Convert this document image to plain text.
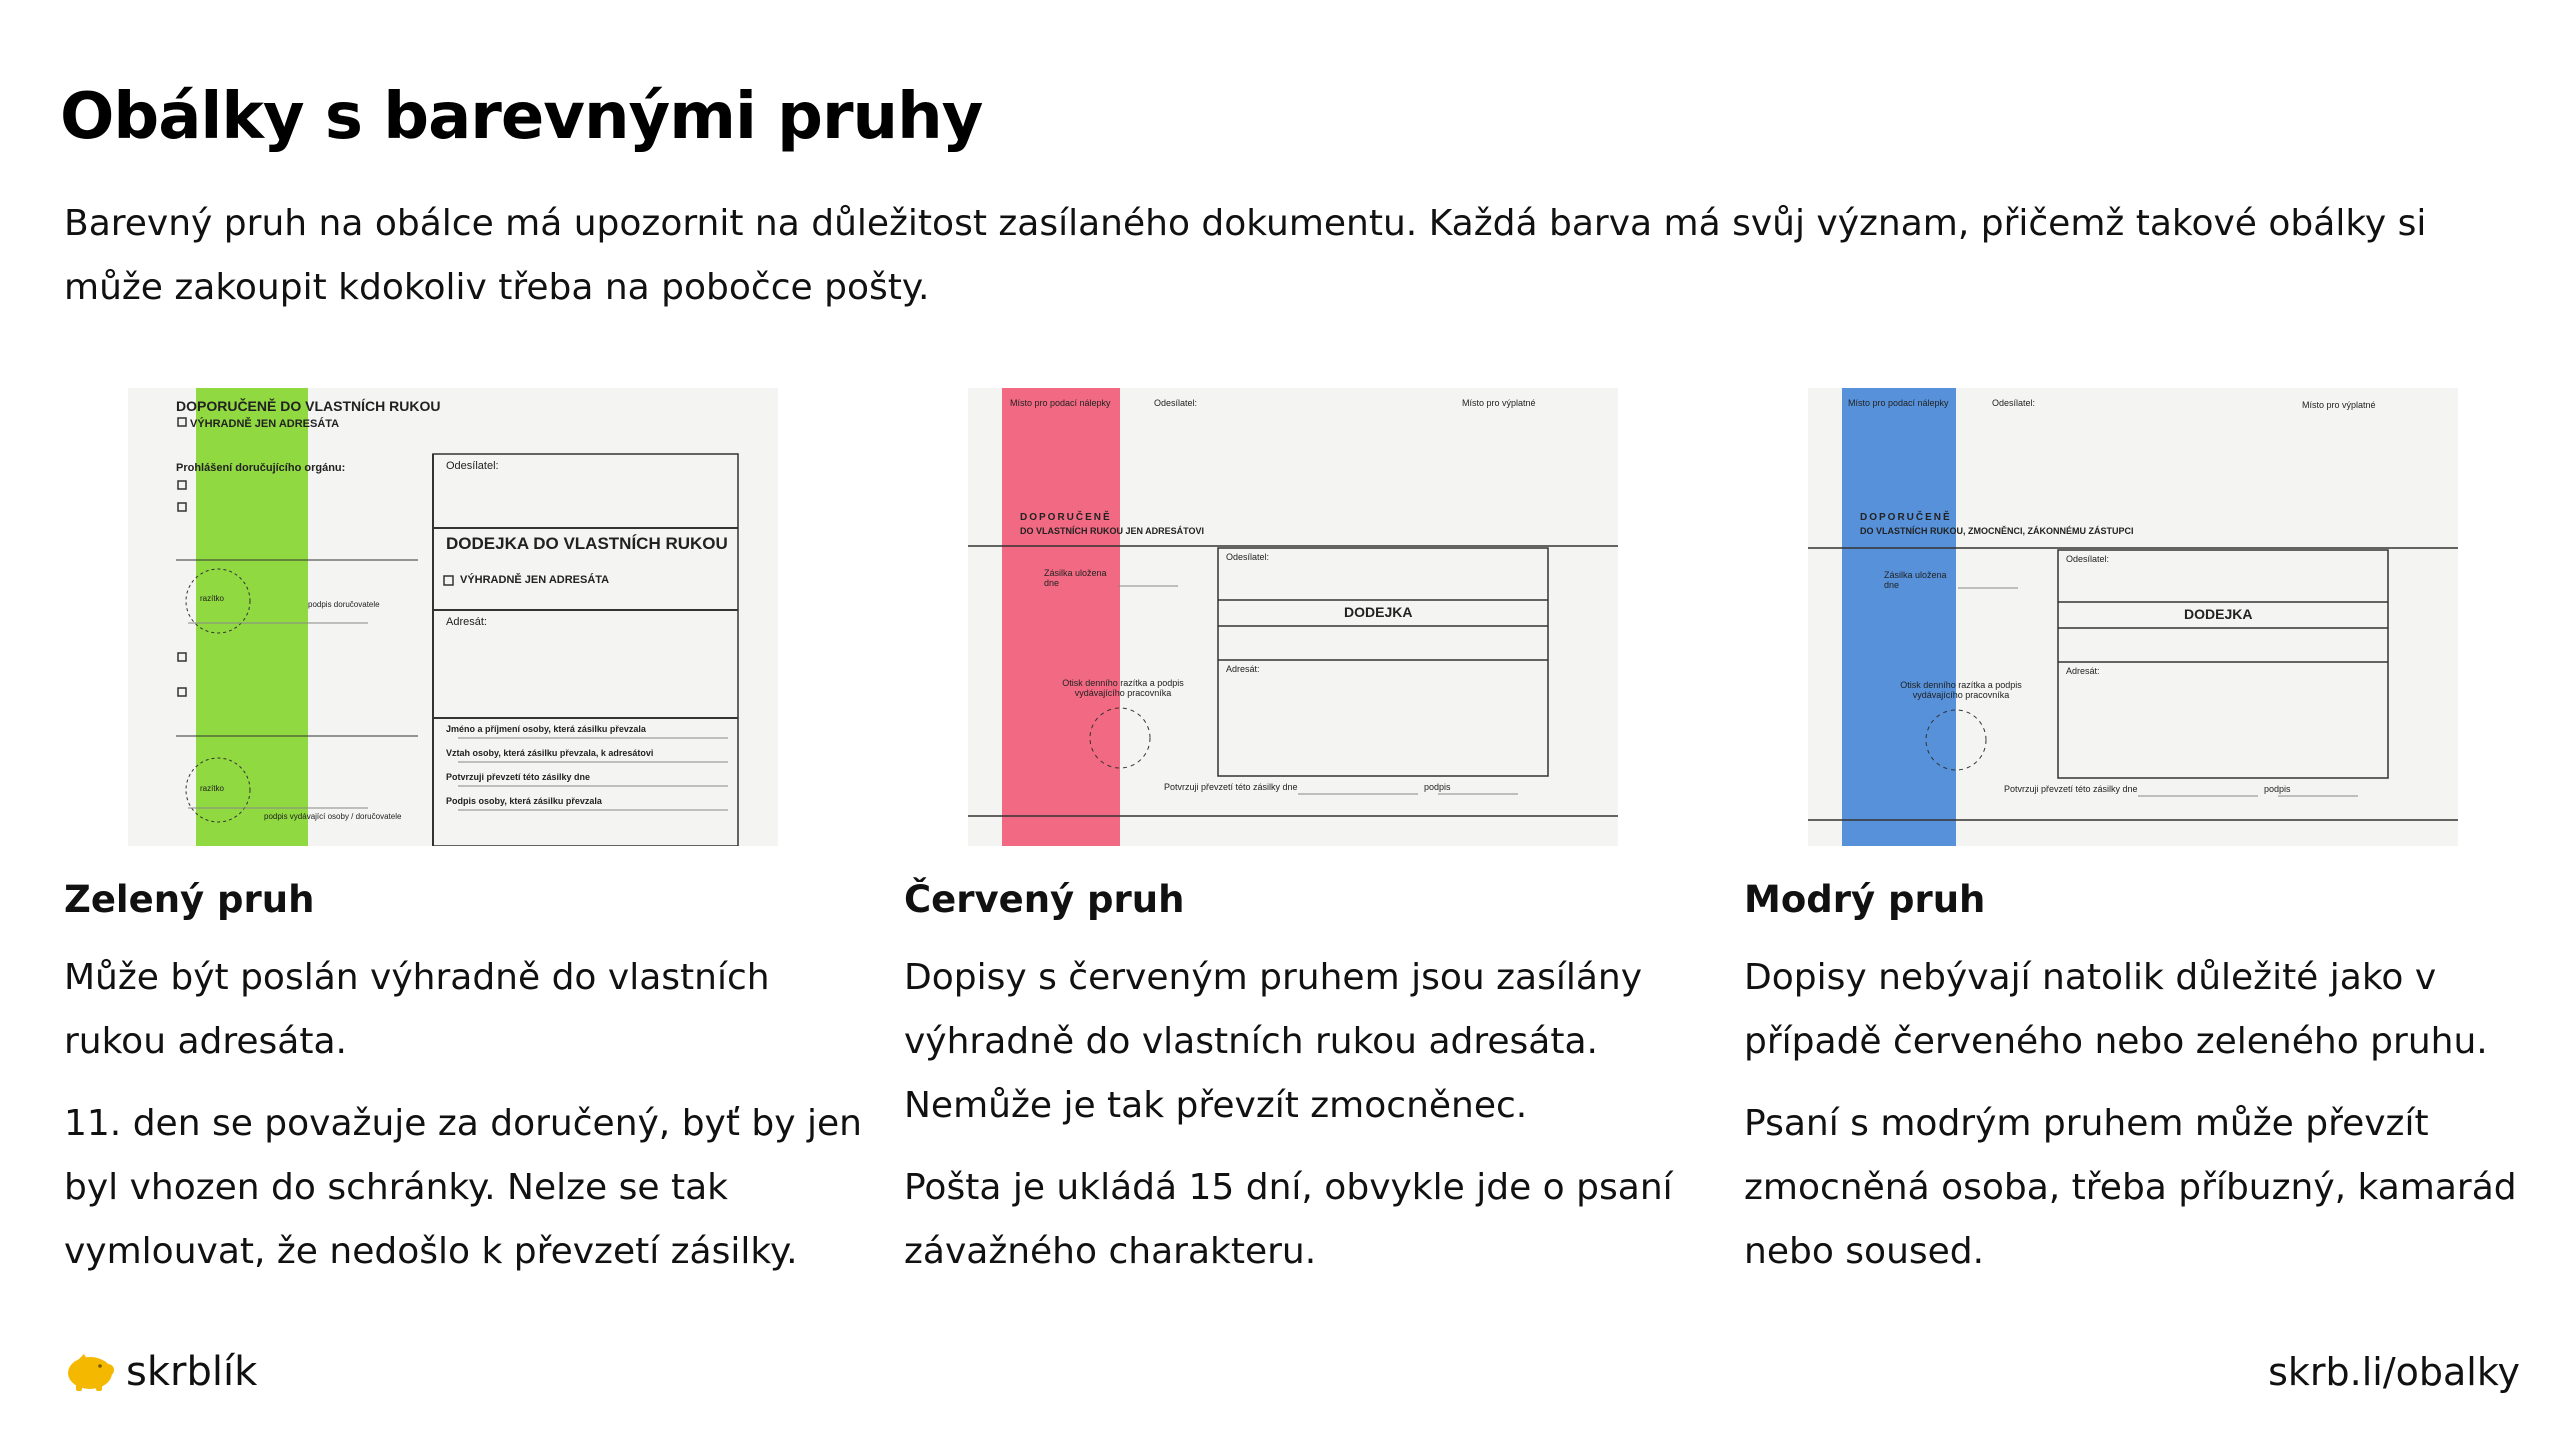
Obálky s barevnými pruhy

Barevný pruh na obálce má upozornit na důležitost zasílaného dokumentu. Každá barva má svůj význam, přičemž takové obálky si může zakoupit kdokoliv třeba na pobočce pošty.

DOPORUČENĚ DO VLASTNÍCH RUKOU
VÝHRADNĚ JEN ADRESÁTA
Prohlášení doručujícího orgánu:	Odesílatel:
DODEJKA DO VLASTNÍCH RUKOU
VÝHRADNĚ JEN ADRESÁTA
Adresát:
razítko
razítko
podpis doručovatele
podpis vydávající osoby / doručovatele
Jméno a příjmení osoby, která zásilku převzala
Vztah osoby, která zásilku převzala, k adresátovi
Potvrzuji převzetí této zásilky dne
Podpis osoby, která zásilku převzala
Zelený pruh

Může být poslán výhradně do vlastních rukou adresáta.

11. den se považuje za doručený, byť by jen byl vhozen do schránky. Nelze se tak vymlouvat, že nedošlo k převzetí zásilky.

Místo pro podací nálepky	Odesílatel:	Místo pro výplatné
DOPORUČENĚ
DO VLASTNÍCH RUKOU JEN ADRESÁTOVI
Zásilka uložena dne
Odesílatel:
DODEJKA
Adresát:
Otisk denního razítka a podpis vydávajícího pracovníka
Potvrzuji převzetí této zásilky dne	podpis
Červený pruh

Dopisy s červeným pruhem jsou zasílány výhradně do vlastních rukou adresáta. Nemůže je tak převzít zmocněnec.

Pošta je ukládá 15 dní, obvykle jde o psaní závažného charakteru.

Místo pro podací nálepky	Odesílatel:	Místo pro výplatné
DOPORUČENĚ
DO VLASTNÍCH RUKOU, ZMOCNĚNCI, ZÁKONNÉMU ZÁSTUPCI
Zásilka uložena dne
Odesílatel:
DODEJKA
Adresát:
Otisk denního razítka a podpis vydávajícího pracovníka
Potvrzuji převzetí této zásilky dne	podpis
Modrý pruh

Dopisy nebývají natolik důležité jako v případě červeného nebo zeleného pruhu.

Psaní s modrým pruhem může převzít zmocněná osoba, třeba příbuzný, kamarád nebo soused.

skrblík	skrb.li/obalky
